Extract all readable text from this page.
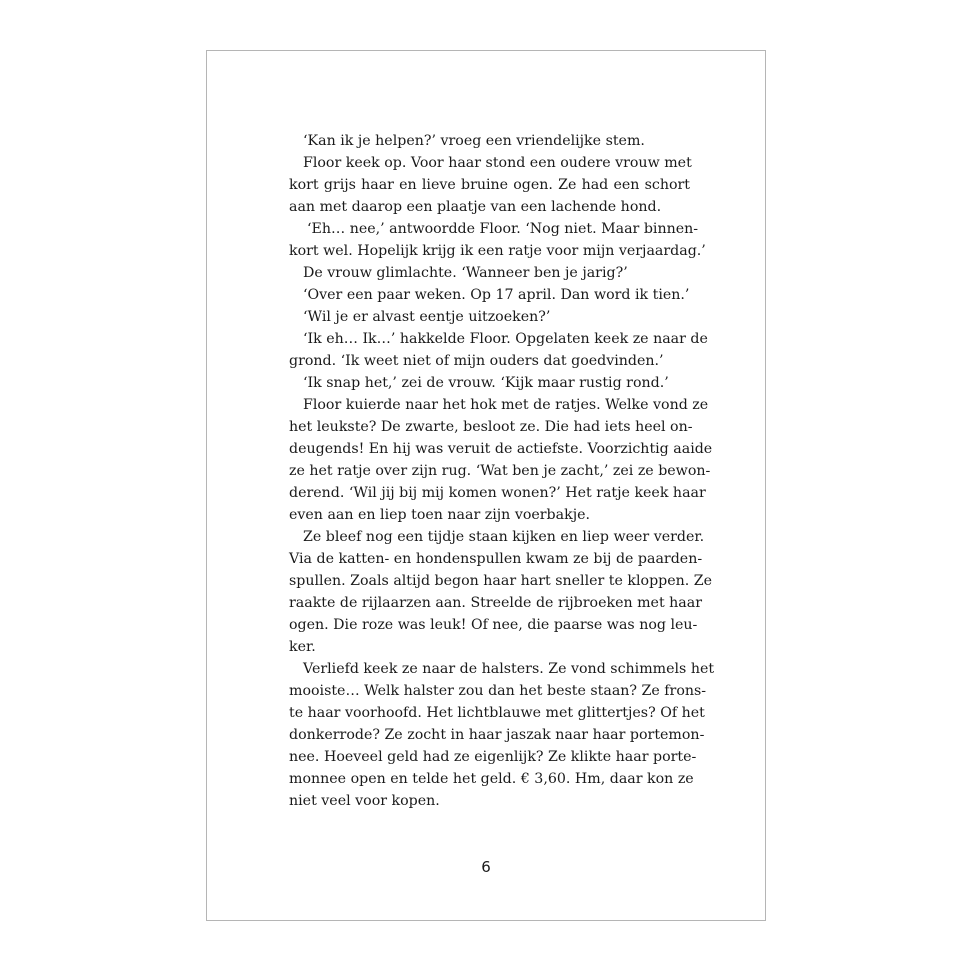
‘Kan ik je helpen?’ vroeg een vriendelijke stem.
Floor keek op. Voor haar stond een oudere vrouw met
kort grijs haar en lieve bruine ogen. Ze had een schort
aan met daarop een plaatje van een lachende hond.
‘Eh… nee,’ antwoordde Floor. ‘Nog niet. Maar binnen-
kort wel. Hopelijk krijg ik een ratje voor mijn verjaardag.’
De vrouw glimlachte. ‘Wanneer ben je jarig?’
‘Over een paar weken. Op 17 april. Dan word ik tien.’
‘Wil je er alvast eentje uitzoeken?’
‘Ik eh… Ik…’ hakkelde Floor. Opgelaten keek ze naar de
grond. ‘Ik weet niet of mijn ouders dat goedvinden.’
‘Ik snap het,’ zei de vrouw. ‘Kijk maar rustig rond.’
Floor kuierde naar het hok met de ratjes. Welke vond ze
het leukste? De zwarte, besloot ze. Die had iets heel on-
deugends! En hij was veruit de actiefste. Voorzichtig aaide
ze het ratje over zijn rug. ‘Wat ben je zacht,’ zei ze bewon-
derend. ‘Wil jij bij mij komen wonen?’ Het ratje keek haar
even aan en liep toen naar zijn voerbakje.
Ze bleef nog een tijdje staan kijken en liep weer verder.
Via de katten- en hondenspullen kwam ze bij de paarden-
spullen. Zoals altijd begon haar hart sneller te kloppen. Ze
raakte de rijlaarzen aan. Streelde de rijbroeken met haar
ogen. Die roze was leuk! Of nee, die paarse was nog leu-
ker.
Verliefd keek ze naar de halsters. Ze vond schimmels het
mooiste… Welk halster zou dan het beste staan? Ze frons-
te haar voorhoofd. Het lichtblauwe met glittertjes? Of het
donkerrode? Ze zocht in haar jaszak naar haar portemon-
nee. Hoeveel geld had ze eigenlijk? Ze klikte haar porte-
monnee open en telde het geld. € 3,60. Hm, daar kon ze
niet veel voor kopen.
6
